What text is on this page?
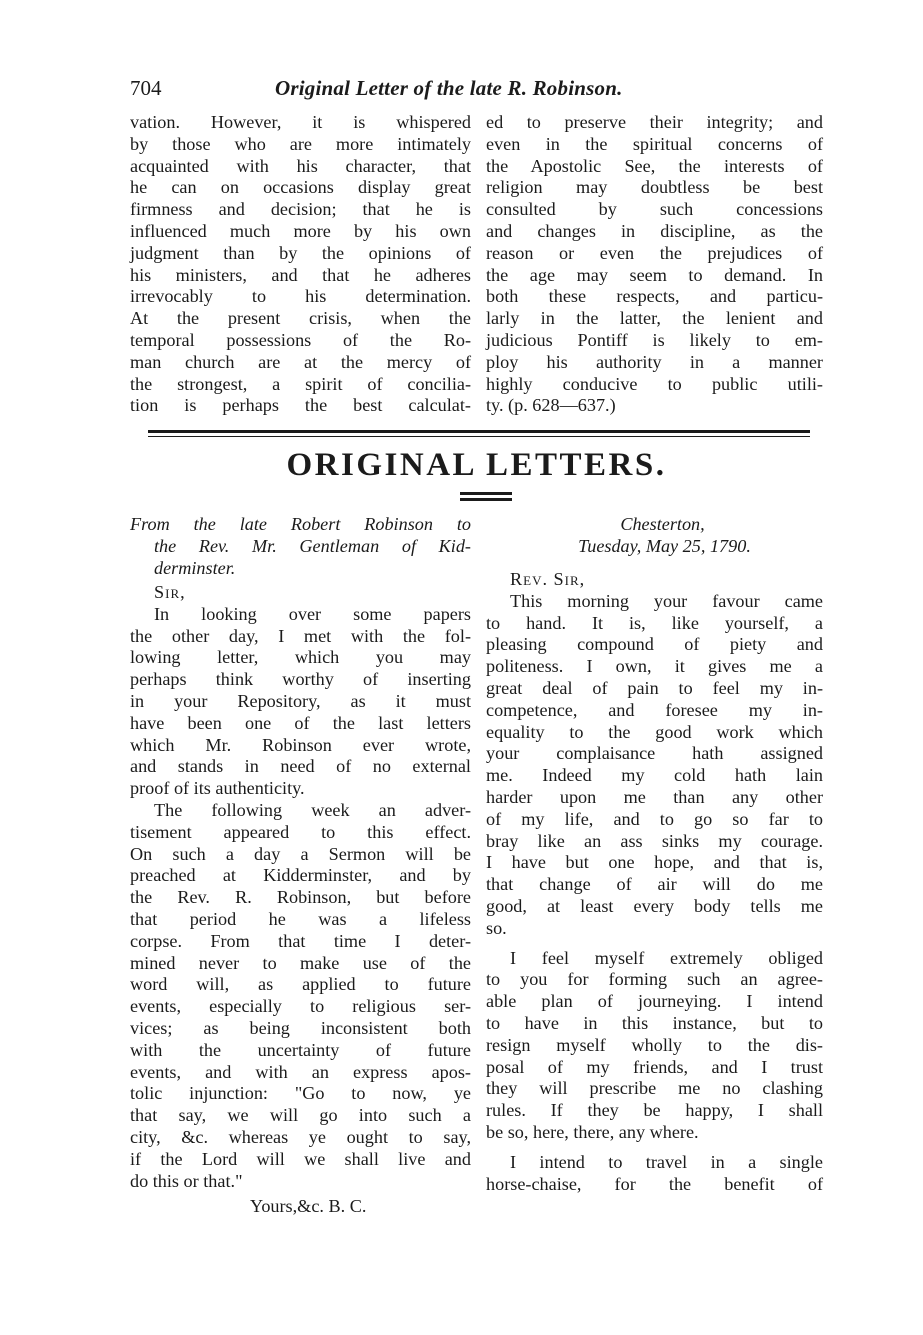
704	Original Letter of the late R. Robinson.

vation. However, it is whispered

by those who are more intimately

acquainted with his character, that

he can on occasions display great

firmness and decision; that he is

influenced much more by his own

judgment than by the opinions of

his ministers, and that he adheres

irrevocably to his determination.

At the present crisis, when the

temporal possessions of the Ro-

man church are at the mercy of

the strongest, a spirit of concilia-

tion is perhaps the best calculat-

ed to preserve their integrity; and

even in the spiritual concerns of

the Apostolic See, the interests of

religion may doubtless be best

consulted by such concessions

and changes in discipline, as the

reason or even the prejudices of

the age may seem to demand. In

both these respects, and particu-

larly in the latter, the lenient and

judicious Pontiff is likely to em-

ploy his authority in a manner

highly conducive to public utili-

ty. (p. 628—637.)

ORIGINAL LETTERS.
From the late Robert Robinson to
the Rev. Mr. Gentleman of Kid-
derminster.

Sir,

In looking over some papers

the other day, I met with the fol-

lowing letter, which you may

perhaps think worthy of inserting

in your Repository, as it must

have been one of the last letters

which Mr. Robinson ever wrote,

and stands in need of no external

proof of its authenticity.

The following week an adver-

tisement appeared to this effect.

On such a day a Sermon will be

preached at Kidderminster, and by

the Rev. R. Robinson, but before

that period he was a lifeless

corpse. From that time I deter-

mined never to make use of the

word will, as applied to future

events, especially to religious ser-

vices; as being inconsistent both

with the uncertainty of future

events, and with an express apos-

tolic injunction: "Go to now, ye

that say, we will go into such a

city, &c. whereas ye ought to say,

if the Lord will we shall live and

do this or that."

Yours,&c. B. C.

Chesterton,
Tuesday, May 25, 1790.

Rev. Sir,

This morning your favour came

to hand. It is, like yourself, a

pleasing compound of piety and

politeness. I own, it gives me a

great deal of pain to feel my in-

competence, and foresee my in-

equality to the good work which

your complaisance hath assigned

me. Indeed my cold hath lain

harder upon me than any other

of my life, and to go so far to

bray like an ass sinks my courage.

I have but one hope, and that is,

that change of air will do me

good, at least every body tells me

so.

I feel myself extremely obliged

to you for forming such an agree-

able plan of journeying. I intend

to have in this instance, but to

resign myself wholly to the dis-

posal of my friends, and I trust

they will prescribe me no clashing

rules. If they be happy, I shall

be so, here, there, any where.

I intend to travel in a single

horse-chaise, for the benefit of
